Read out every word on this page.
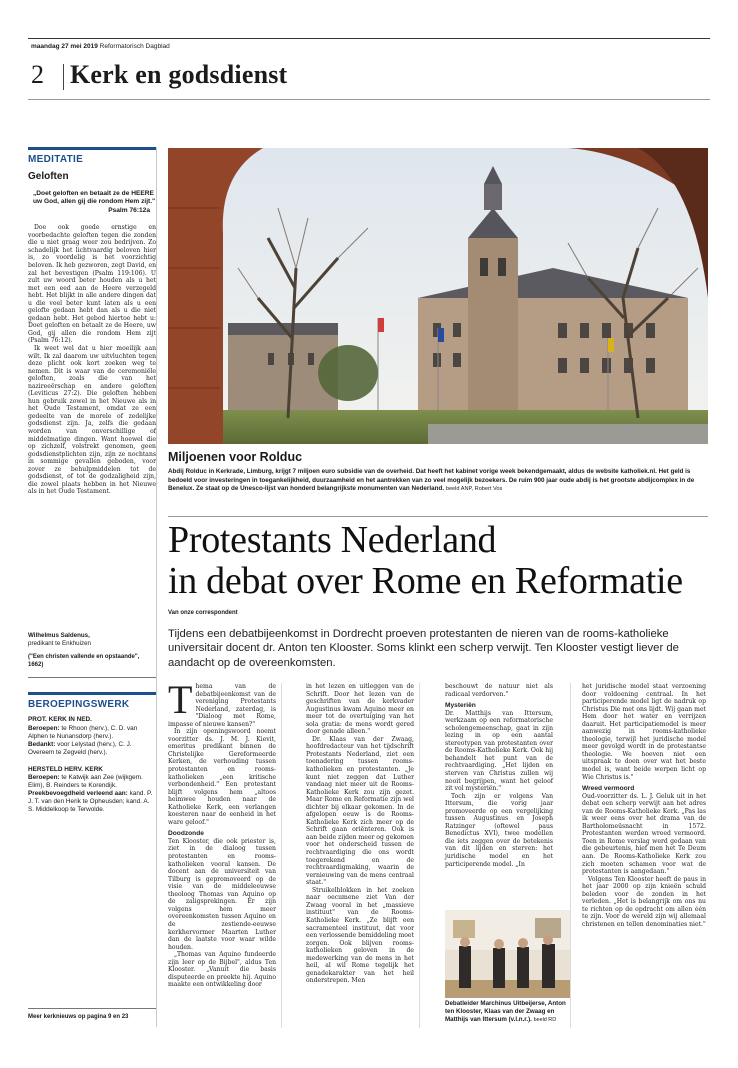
maandag 27 mei 2019 Reformatorisch Dagblad
2 Kerk en godsdienst
MEDITATIE
Geloften
„Doet geloften en betaalt ze de HEERE uw God, allen gij die rondom Hem zijt."
Psalm 76:12a

Doe ook goede ernstige en voorbedachte geloften tegen die zonden die u niet graag weer zou bedrijven. Zo schadelijk het lichtvaardig beloven hier is, zo voordelig is het voorzichtig beloven. Ik heb gezworen, zegt David, en zal het bevestigen (Psalm 119:106). U zult uw woord beter houden als u het met een eed aan de Heere verzegeld hebt. Het blijkt in alle andere dingen dat u die veel beter kunt laten als u een gelofte gedaan hebt dan als u die niet gedaan hebt. Het gebod hiertoe hebt u: Doet geloften en betaalt ze de Heere, uw God, gij allen die rondom Hem zijt (Psalm 76:12).

Ik weet wel dat u hier moeilijk aan wilt. Ik zal daarom uw uitvluchten tegen deze plicht ook kort zoeken weg te nemen. Dit is waar van de ceremoniële geloften, zoals die van het nazireeërschap en andere geloften (Leviticus 27:2). Die geloften hebben hun gebruik zowel in het Nieuwe als in het Oude Testament, omdat ze een gedeelte van de morele of zedelijke godsdienst zijn. Ja, zelfs die gedaan worden van onverschillige of middelmatige dingen. Want hoewel die op zichzelf, volstrekt genomen, geen godsdienstplichten zijn, zijn ze nochtans in sommige gevallen geboden, voor zover ze behulpmiddelen tot de godsdienst, of tot de godzaligheid zijn, die zowel plaats hebben in het Nieuwe als in het Oude Testament.

Wilhelmus Saldenus,
predikant te Enkhuizen
("Een christen vallende en opstaande", 1662)
BEROEPINGSWERK
PROT. KERK IN NED.
Beroepen: te Rhoon (herv.), C. D. van Alphen te Nunansdorp (herv.).
Bedankt: voor Lelystad (herv.), C. J. Overeem te Zegveld (herv.).
HERSTELD HERV. KERK
Beroepen: te Katwijk aan Zee (wijkgem. Elim), B. Reinders te Korendijk.
Preekbevoegdheid verleend aan: kand. P. J. T. van den Herik te Opheusden; kand. A. S. Middelkoop te Terwolde.
Meer kerknieuws op pagina 9 en 23
Miljoenen voor Rolduc
Abdij Rolduc in Kerkrade, Limburg, krijgt 7 miljoen euro subsidie van de overheid. Dat heeft het kabinet vorige week bekendgemaakt, aldus de website katholiek.nl. Het geld is bedoeld voor investeringen in toegankelijkheid, duurzaamheid en het aantrekken van zo veel mogelijk bezoekers. De ruim 900 jaar oude abdij is het grootste abdijcomplex in de Benelux. Ze staat op de Unesco-lijst van honderd belangrijkste monumenten van Nederland. beeld ANP, Robert Vos
Protestants Nederland
in debat over Rome en Reformatie
Van onze correspondent
Tijdens een debatbijeenkomst in Dordrecht proeven protestanten de nieren van de rooms-katholieke universitair docent dr. Anton ten Klooster. Soms klinkt een scherp verwijt. Ten Klooster vestigt liever de aandacht op de overeenkomsten.

Thema van de debatbijeenkomst van de vereniging Protestants Nederland, zaterdag, is "Dialoog met Rome, impasse of nieuwe kansen?"

In zijn openingswoord noemt voorzitter ds. J. M. J. Kievit, emeritus predikant binnen de Christelijke Gereformeerde Kerken, de verhouding tussen protestanten en rooms-katholieken „een kritische verbondenheid." Een protestant blijft volgens hem „altoos heimwee houden naar de Katholieke Kerk, een verlangen koesteren naar de eenheid in het ware geloof."

Doodzonde

Ten Klooster, die ook priester is, ziet in de dialoog tussen protestanten en rooms-katholieken vooral kansen. De docent aan de universiteit van Tilburg is gepromoveerd op de visie van de middeleeuwse theoloog Thomas van Aquino op de zaligsprekingen. Er zijn volgens hem meer overeenkomsten tussen Aquino en de zestiende-eeuwse kerkhervormer Maarten Luther dan de laatste voor waar wilde houden.

„Thomas van Aquino fundeerde zijn leer op de Bijbel", aldus Ten Klooster. „Vanuit die basis disputeerde en preekte hij. Aquino maakte een ontwikkeling door

in het lezen en uitleggen van de Schrift. Door het lezen van de geschriften van de kerkvader Augustinus kwam Aquino meer en meer tot de overtuiging van het sola gratia: de mens wordt gered door genade alleen."

Dr. Klaas van der Zwaag, hoofdredacteur van het tijdschrift Protestants Nederland, ziet een toenadering tussen rooms-katholieken en protestanten. „Je kunt niet zeggen dat Luther vandaag niet meer uit de Rooms-Katholieke Kerk zou zijn gezet. Maar Rome en Reformatie zijn wel dichter bij elkaar gekomen. In de afgelopen eeuw is de Rooms-Katholieke Kerk zich meer op de Schrift gaan oriënteren. Ook is aan beide zijden meer og gekomen voor het onderscheid tussen de rechtvaardiging die ons wordt toegerekend en de rechtvaardigmaking, waarin de vernieuwing van de mens centraal staat."

Struikelblokken in het zoeken naar oecumene ziet Van der Zwaag vooral in het „massieve instituut" van de Rooms-Katholieke Kerk. „Ze blijft een sacramenteel instituut, dat voor een verlossende bemiddeling moet zorgen. Ook blijven rooms-katholieken geloven in de medewerking van de mens in het heil, al wil Rome tegelijk het genadekarakter van het heil onderstrepen. Men

beschouwt de natuur niet als radicaal verdorven."

Mysteriën

Dr. Matthijs van Ittersum, werkzaam op een reformatorische scholengemeenschap, gaat in zijn lezing in op een aantal stereotypen van protestanten over de Rooms-Katholieke Kerk. Ook hij behandelt het punt van de rechtvaardiging. „Het lijden en sterven van Christus zullen wij nooit begrijpen, want het geloof zit vol mysteriën."

Toch zijn er volgens Van Ittersum, die vorig jaar promoveerde op een vergelijking tussen Augustinus en Joseph Ratzinger (oftewel paus Benedictus XVI), twee modellen die iets zeggen over de betekenis van dit lijden en sterven: het juridische model en het participerende model. „In

Debatleider Marchinus Uitbeijerse, Anton ten Klooster, Klaas van der Zwaag en Matthijs van Ittersum (v.l.n.r.). beeld RD

het juridische model staat verzoening door voldoening centraal. In het participerende model ligt de nadruk op Christus Die met ons lijdt. Wij gaan met Hem door het water en verrijzen daaruit. Het participatiemodel is meer aanwezig in rooms-katholieke theologie, terwijl het juridische model meer gevolgd wordt in de protestantse theologie. We hoeven niet een uitspraak te doen over wat het beste model is, want beide werpen licht op Wie Christus is."

Wreed vermoord

Oud-voorzitter ds. L. J. Geluk uit in het debat een scherp verwijt aan het adres van de Rooms-Katholieke Kerk. „Pas las ik weer eens over het drama van de Bartholomeüsnacht in 1572. Protestanten werden wreed vermoord. Toen in Rome verslag werd gedaan van die gebeurtenis, hief men het Te Deum aan. De Rooms-Katholieke Kerk zou zich moeten schamen voor wat de protestanten is aangedaan."

Volgens Ten Klooster heeft de paus in het jaar 2000 op zijn knieën schuld beleden voor de zonden in het verleden. „Het is belangrijk om ons nu te richten op de opdracht om allen één te zijn. Voor de wereld zijn wij allemaal christenen en tellen denominaties niet."
